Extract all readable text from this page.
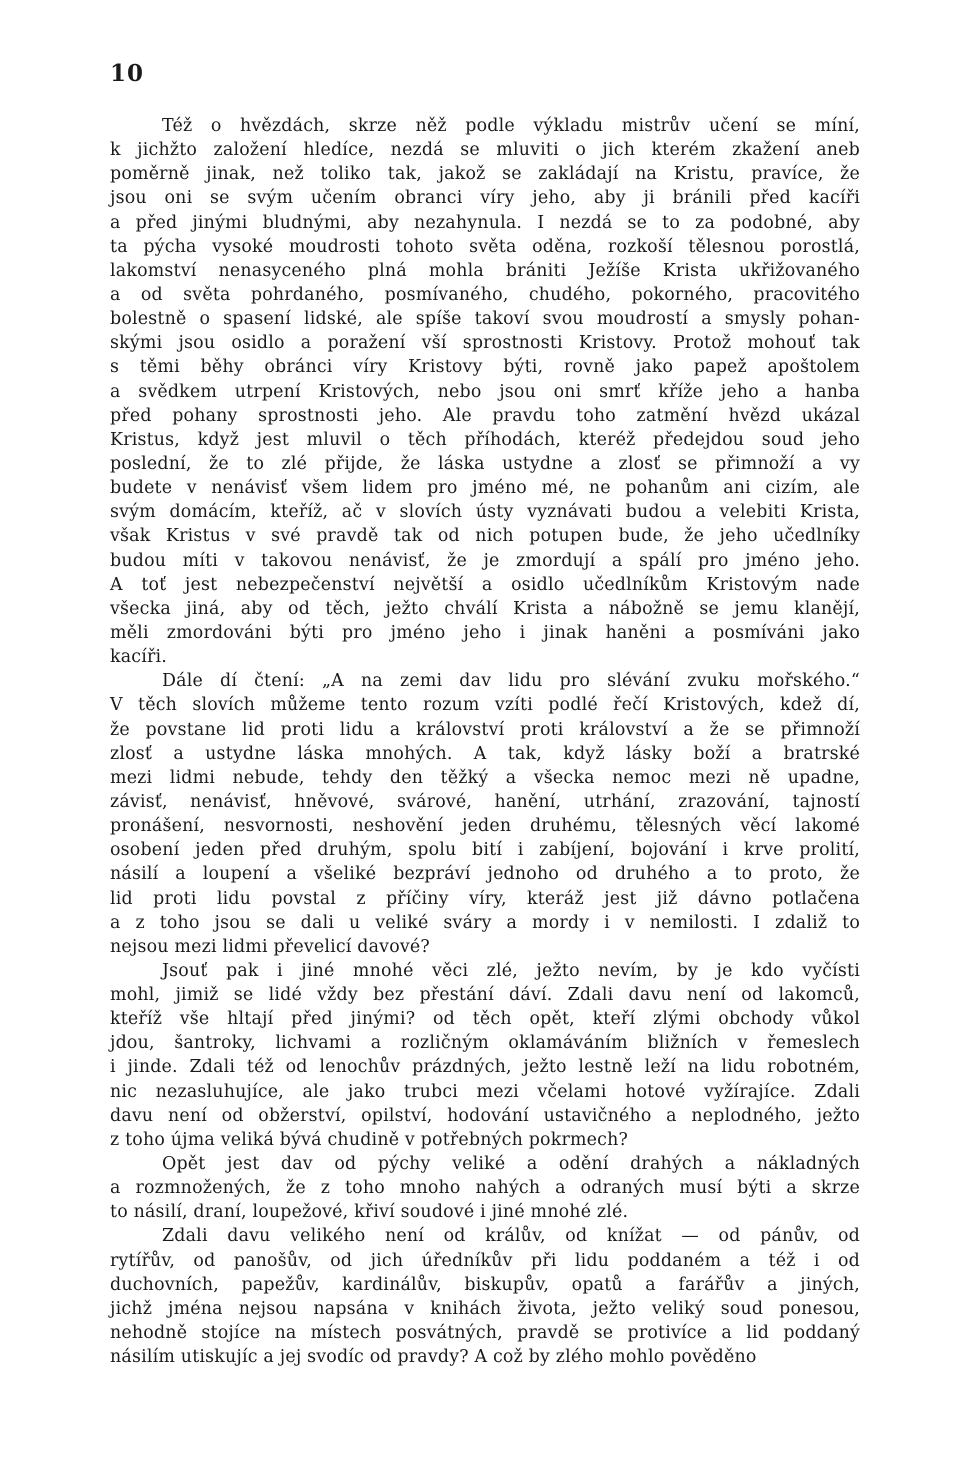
10
Též o hvězdách, skrze něž podle výkladu mistrův učení se míní,
k jichžto založení hledíce, nezdá se mluviti o jich kterém zkažení aneb
poměrně jinak, než toliko tak, jakož se zakládají na Kristu, pravíce, že
jsou oni se svým učením obranci víry jeho, aby ji bránili před kacíři
a před jinými bludnými, aby nezahynula. I nezdá se to za podobné, aby
ta pýcha vysoké moudrosti tohoto světa oděna, rozkoší tělesnou porostlá,
lakomství nenasyceného plná mohla brániti Ježíše Krista ukřižovaného
a od světa pohrdaného, posmívaného, chudého, pokorného, pracovitého
bolestně o spasení lidské, ale spíše takoví svou moudrostí a smysly pohan-
skými jsou osidlo a poražení vší sprostnosti Kristovy. Protož mohouť tak
s těmi běhy obránci víry Kristovy býti, rovně jako papež apoštolem
a svědkem utrpení Kristových, nebo jsou oni smrť kříže jeho a hanba
před pohany sprostnosti jeho. Ale pravdu toho zatmění hvězd ukázal
Kristus, když jest mluvil o těch příhodách, kteréž předejdou soud jeho
poslední, že to zlé přijde, že láska ustydne a zlosť se přimnoží a vy
budete v nenávisť všem lidem pro jméno mé, ne pohanům ani cizím, ale
svým domácím, kteříž, ač v slovích ústy vyznávati budou a velebiti Krista,
však Kristus v své pravdě tak od nich potupen bude, že jeho učedlníky
budou míti v takovou nenávisť, že je zmordují a spálí pro jméno jeho.
A toť jest nebezpečenství největší a osidlo učedlníkům Kristovým nade
všecka jiná, aby od těch, ježto chválí Krista a nábožně se jemu klanějí,
měli zmordováni býti pro jméno jeho i jinak haněni a posmíváni jako
kacíři.
Dále dí čtení: „A na zemi dav lidu pro slévání zvuku mořského.“
V těch slovích můžeme tento rozum vzíti podlé řečí Kristových, kdež dí,
že povstane lid proti lidu a království proti království a že se přimnoží
zlosť a ustydne láska mnohých. A tak, když lásky boží a bratrské
mezi lidmi nebude, tehdy den těžký a všecka nemoc mezi ně upadne,
závisť, nenávisť, hněvové, svárové, hanění, utrhání, zrazování, tajností
pronášení, nesvornosti, neshovění jeden druhému, tělesných věcí lakomé
osobení jeden před druhým, spolu bití i zabíjení, bojování i krve prolití,
násilí a loupení a všeliké bezpráví jednoho od druhého a to proto, že
lid proti lidu povstal z příčiny víry, kteráž jest již dávno potlačena
a z toho jsou se dali u veliké sváry a mordy i v nemilosti. I zdaliž to
nejsou mezi lidmi převelicí davové?
Jsouť pak i jiné mnohé věci zlé, ježto nevím, by je kdo vyčísti
mohl, jimiž se lidé vždy bez přestání dáví. Zdali davu není od lakomců,
kteříž vše hltají před jinými? od těch opět, kteří zlými obchody vůkol
jdou, šantroky, lichvami a rozličným oklamáváním bližních v řemeslech
i jinde. Zdali též od lenochův prázdných, ježto lestně leží na lidu robotném,
nic nezasluhujíce, ale jako trubci mezi včelami hotové vyžírajíce. Zdali
davu není od obžerství, opilství, hodování ustavičného a neplodného, ježto
z toho újma veliká bývá chudině v potřebných pokrmech?
Opět jest dav od pýchy veliké a odění drahých a nákladných
a rozmnožených, že z toho mnoho nahých a odraných musí býti a skrze
to násilí, draní, loupežové, křiví soudové i jiné mnohé zlé.
Zdali davu velikého není od králův, od knížat — od pánův, od
rytířův, od panošův, od jich úředníkův při lidu poddaném a též i od
duchovních, papežův, kardinálův, biskupův, opatů a farářův a jiných,
jichž jména nejsou napsána v knihách života, ježto veliký soud ponesou,
nehodně stojíce na místech posvátných, pravdě se protivíce a lid poddaný
násilím utiskujíc a jej svodíc od pravdy? A což by zlého mohlo pověděno
